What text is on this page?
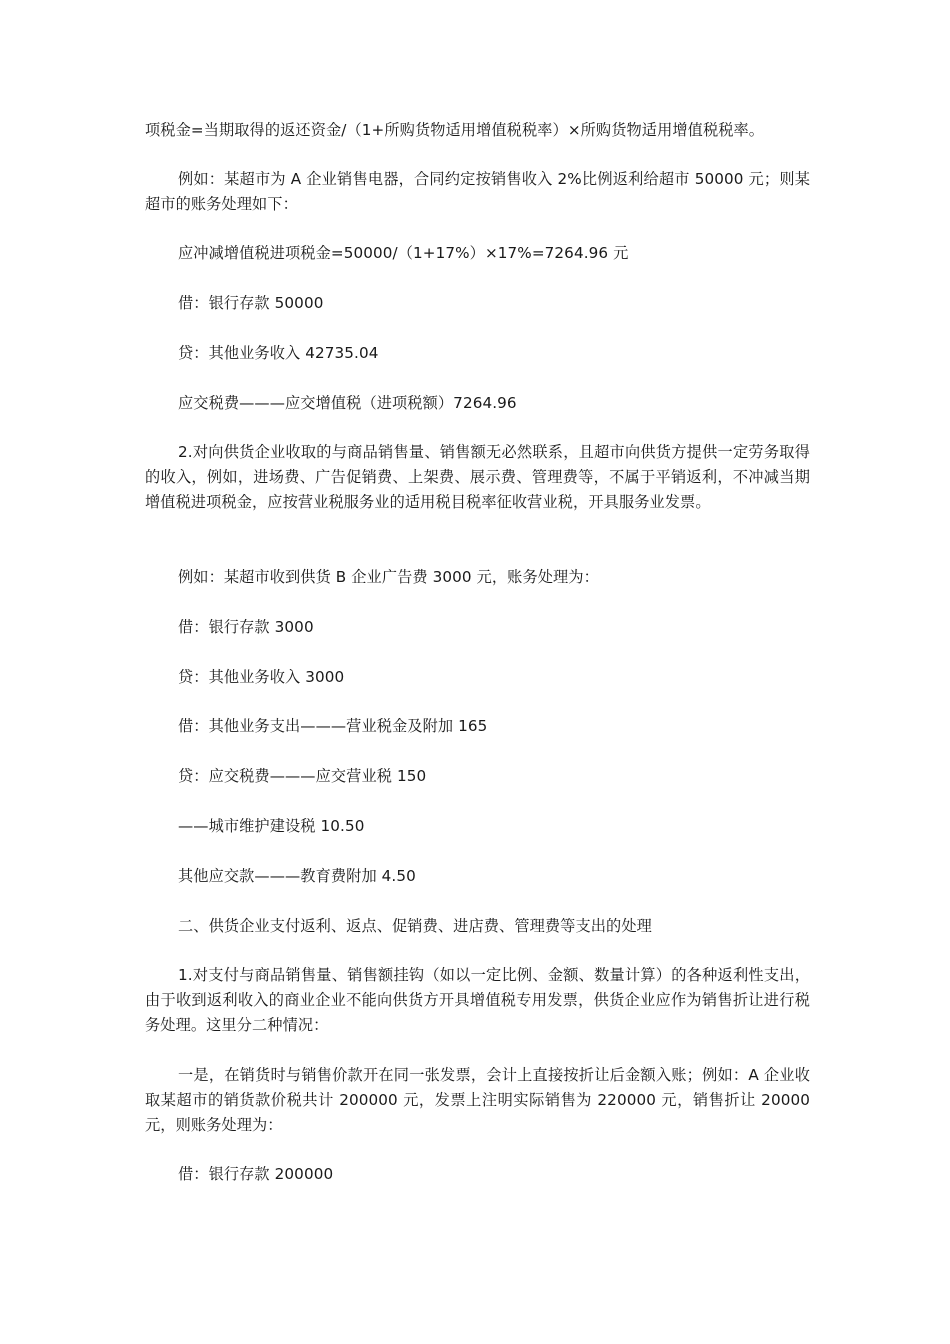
项税金=当期取得的返还资金/（1+所购货物适用增值税税率）×所购货物适用增值税税率。
例如：某超市为 A 企业销售电器，合同约定按销售收入 2%比例返利给超市 50000 元；则某超市的账务处理如下：
应冲减增值税进项税金=50000/（1+17%）×17%=7264.96 元
借：银行存款 50000
贷：其他业务收入 42735.04
应交税费———应交增值税（进项税额）7264.96
2.对向供货企业收取的与商品销售量、销售额无必然联系，且超市向供货方提供一定劳务取得的收入，例如，进场费、广告促销费、上架费、展示费、管理费等，不属于平销返利，不冲减当期增值税进项税金，应按营业税服务业的适用税目税率征收营业税，开具服务业发票。
例如：某超市收到供货 B 企业广告费 3000 元，账务处理为：
借：银行存款 3000
贷：其他业务收入 3000
借：其他业务支出———营业税金及附加 165
贷：应交税费———应交营业税 150
——城市维护建设税 10.50
其他应交款———教育费附加 4.50
二、供货企业支付返利、返点、促销费、进店费、管理费等支出的处理
1.对支付与商品销售量、销售额挂钩（如以一定比例、金额、数量计算）的各种返利性支出，由于收到返利收入的商业企业不能向供货方开具增值税专用发票，供货企业应作为销售折让进行税务处理。这里分二种情况：
一是，在销货时与销售价款开在同一张发票，会计上直接按折让后金额入账；例如：A 企业收取某超市的销货款价税共计 200000 元，发票上注明实际销售为 220000 元，销售折让 20000 元，则账务处理为：
借：银行存款 200000
